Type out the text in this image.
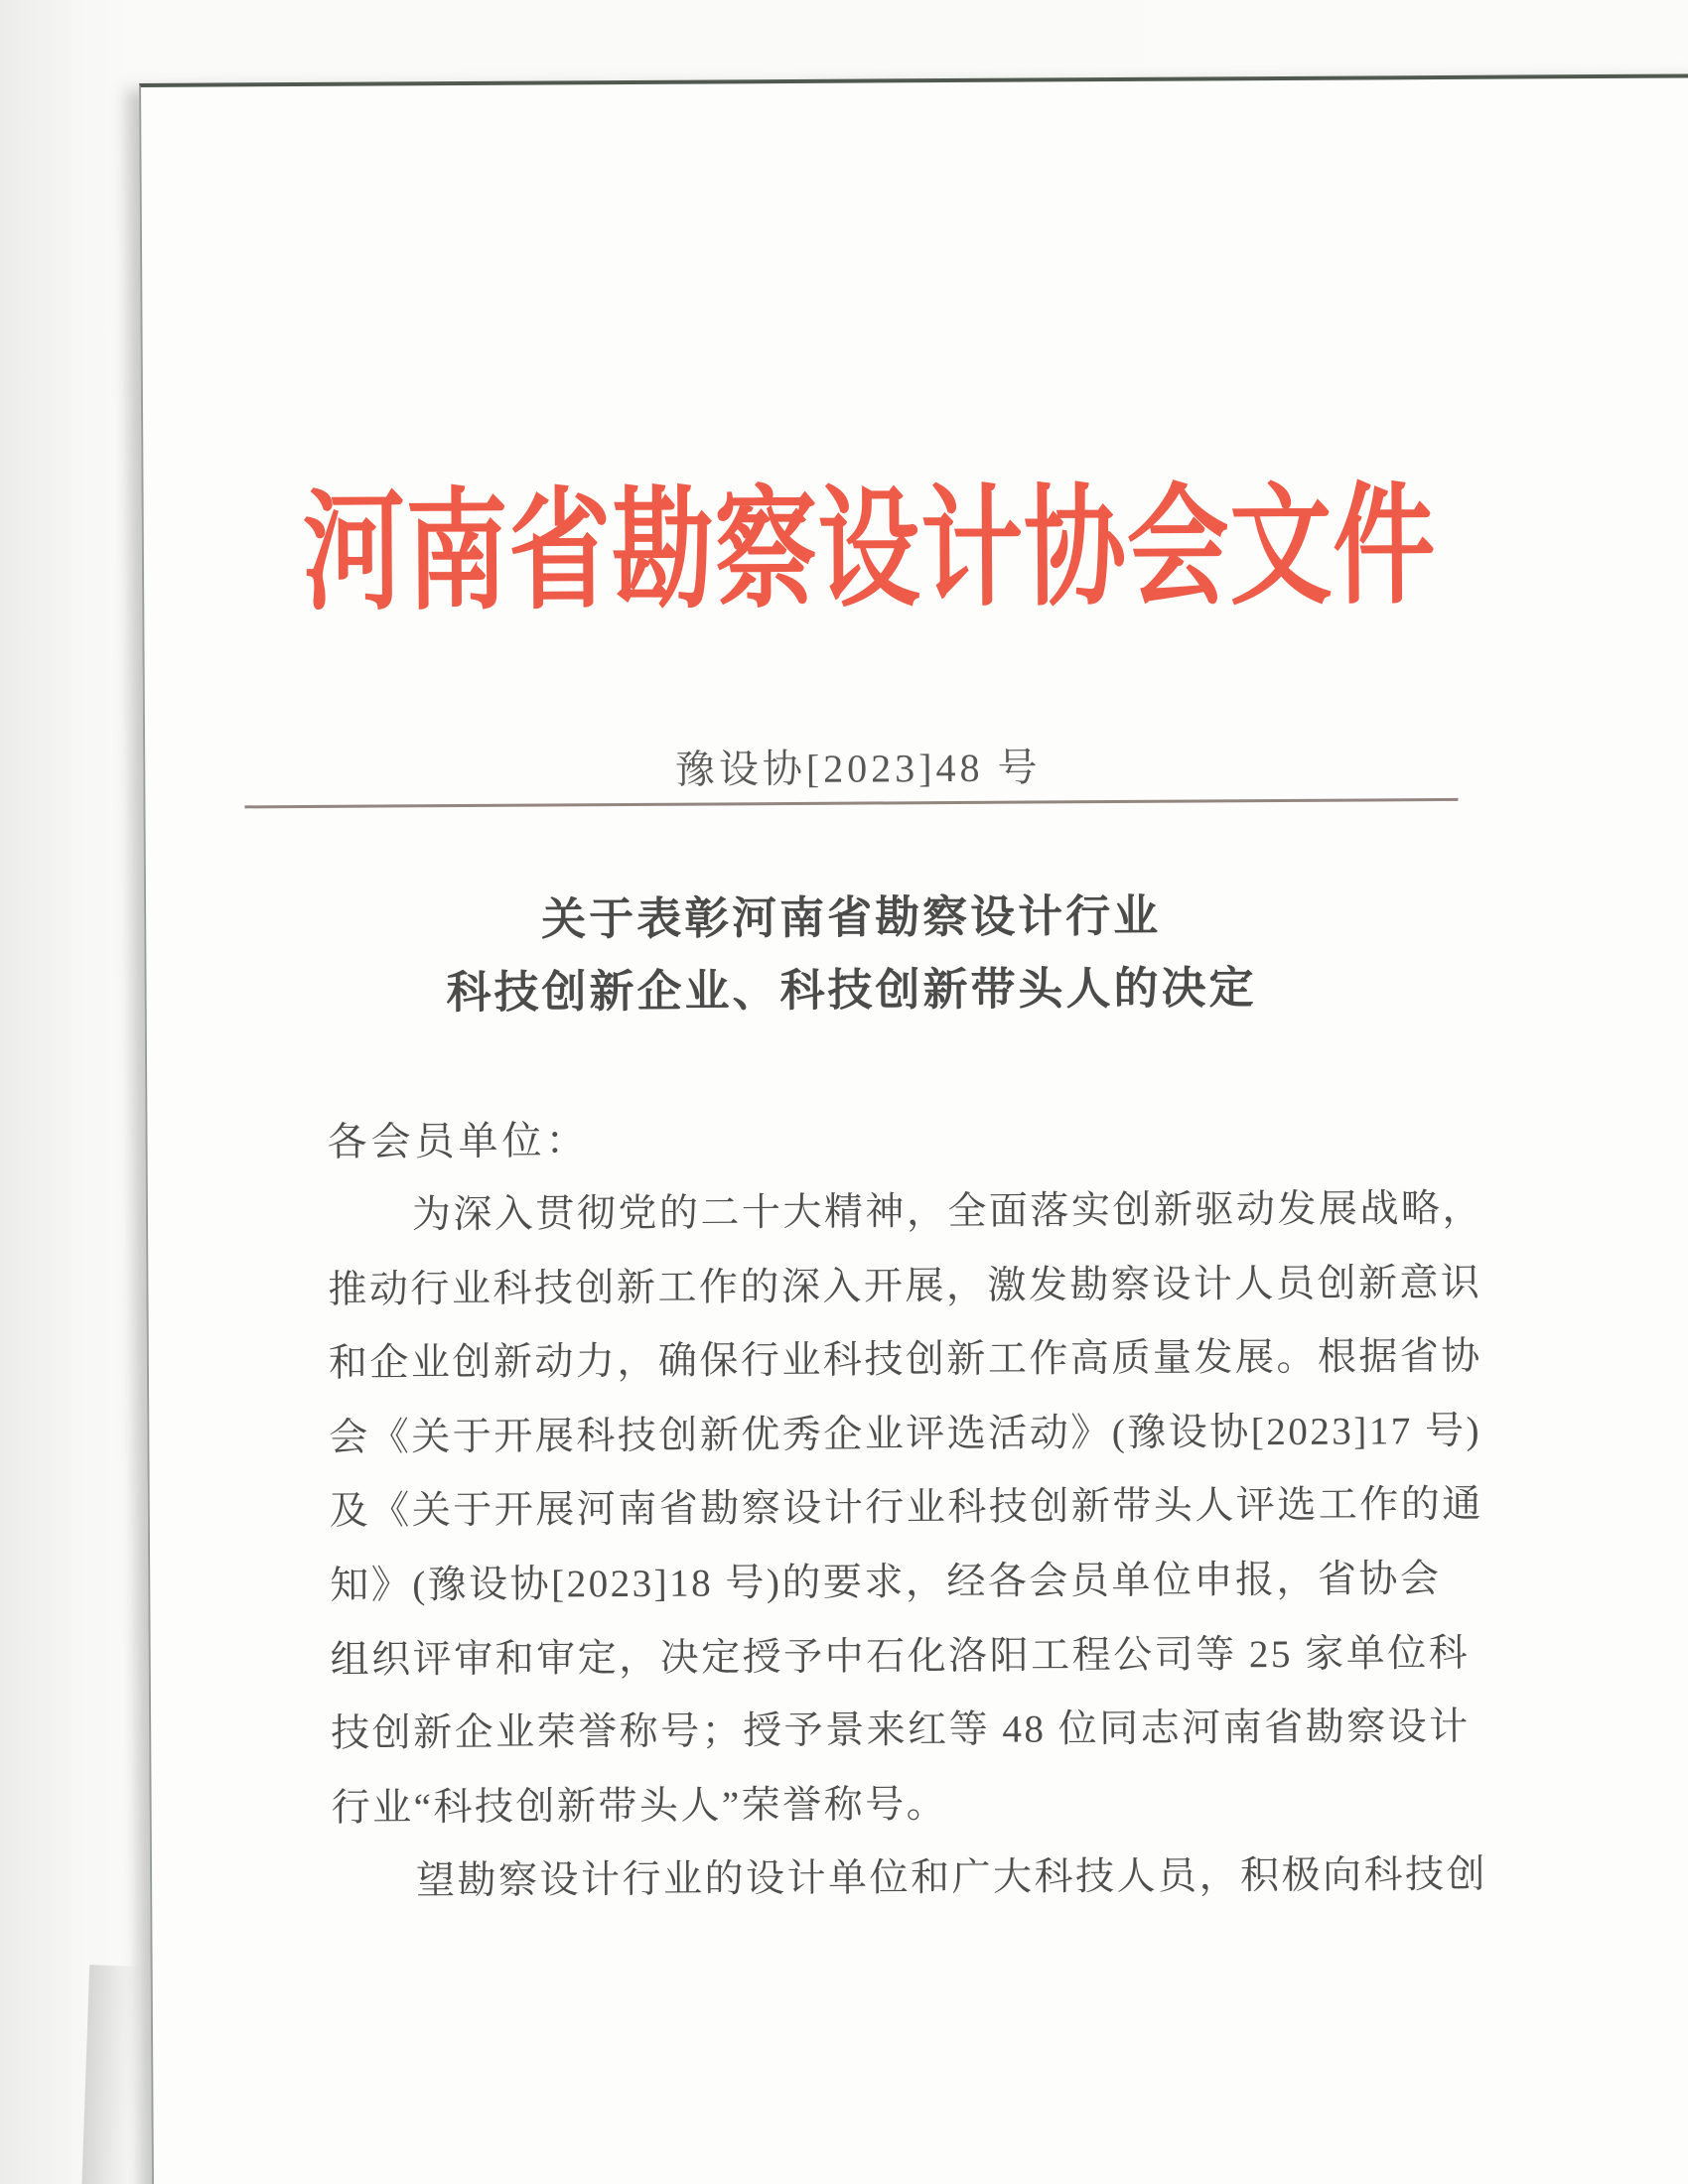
河南省勘察设计协会文件
豫设协[2023]48 号
关于表彰河南省勘察设计行业
科技创新企业、科技创新带头人的决定
各会员单位：
为深入贯彻党的二十大精神，全面落实创新驱动发展战略，
推动行业科技创新工作的深入开展，激发勘察设计人员创新意识
和企业创新动力，确保行业科技创新工作高质量发展。根据省协
会《关于开展科技创新优秀企业评选活动》(豫设协[2023]17 号)
及《关于开展河南省勘察设计行业科技创新带头人评选工作的通
知》(豫设协[2023]18 号)的要求，经各会员单位申报，省协会
组织评审和审定，决定授予中石化洛阳工程公司等 25 家单位科
技创新企业荣誉称号；授予景来红等 48 位同志河南省勘察设计
行业“科技创新带头人”荣誉称号。
望勘察设计行业的设计单位和广大科技人员，积极向科技创
